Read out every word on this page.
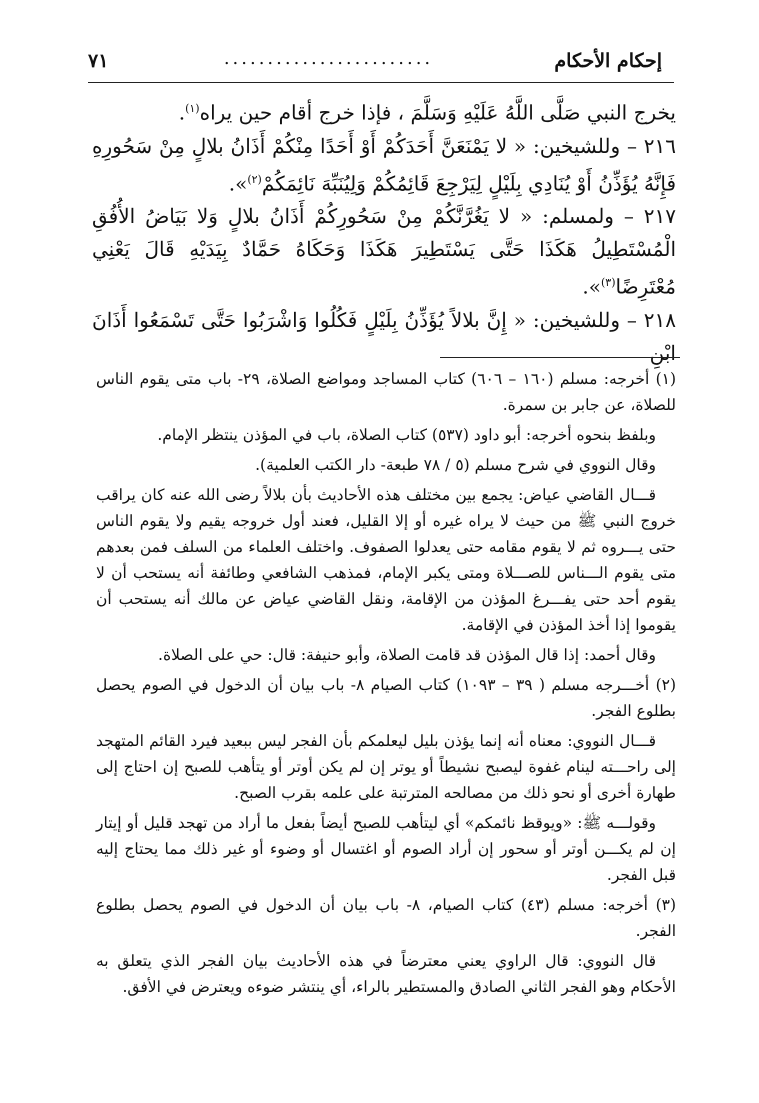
إحكام الأحكام
........................
٧١

يخرج النبي صَلَّى اللَّهُ عَلَيْهِ وَسَلَّمَ ، فإذا خرج أقام حين يراه$^{(١)}$.

٢١٦ – وللشيخين: « لا يَمْنَعَنَّ أَحَدَكُمْ أَوْ أَحَدًا مِنْكُمْ أَذَانُ بلالٍ مِنْ سَحُورِهِ فَإِنَّهُ يُؤَذِّنُ أَوْ يُنَادِي بِلَيْلٍ لِيَرْجِعَ قَائِمُكُمْ وَلِيُنَبِّهَ نَائِمَكُمْ$^{(٢)}$».

٢١٧ – ولمسلم: « لا يَغُرَّنَّكُمْ مِنْ سَحُورِكُمْ أَذَانُ بلالٍ وَلا بَيَاضُ الأُفُقِ الْمُسْتَطِيلُ هَكَذَا حَتَّى يَسْتَطِيرَ هَكَذَا وَحَكَاهُ حَمَّادٌ بِيَدَيْهِ قَالَ يَعْنِي مُعْتَرِضًا$^{(٣)}$».

٢١٨ – وللشيخين: « إِنَّ بلالاً يُؤَذِّنُ بِلَيْلٍ فَكُلُوا وَاشْرَبُوا حَتَّى تَسْمَعُوا أَذَانَ ابْنِ

(١) أخرجه: مسلم (١٦٠ – ٦٠٦) كتاب المساجد ومواضع الصلاة، ٢٩- باب متى يقوم الناس للصلاة، عن جابر بن سمرة.

وبلفظ بنحوه أخرجه: أبو داود (٥٣٧) كتاب الصلاة، باب في المؤذن ينتظر الإمام.

وقال النووي في شرح مسلم (٥ / ٧٨ طبعة- دار الكتب العلمية).

قـــال القاضي عياض: يجمع بين مختلف هذه الأحاديث بأن بلالاً رضى الله عنه كان يراقب خروج النبي ﷺ من حيث لا يراه غيره أو إلا القليل، فعند أول خروجه يقيم ولا يقوم الناس حتى يـــروه ثم لا يقوم مقامه حتى يعدلوا الصفوف. واختلف العلماء من السلف فمن بعدهم متى يقوم الـــناس للصـــلاة ومتى يكبر الإمام، فمذهب الشافعي وطائفة أنه يستحب أن لا يقوم أحد حتى يفـــرغ المؤذن من الإقامة، ونقل القاضي عياض عن مالك أنه يستحب أن يقوموا إذا أخذ المؤذن في الإقامة.

وقال أحمد: إذا قال المؤذن قد قامت الصلاة، وأبو حنيفة: قال: حي على الصلاة.

(٢) أخـــرجه مسلم ( ٣٩ – ١٠٩٣) كتاب الصيام ٨- باب بيان أن الدخول في الصوم يحصل بطلوع الفجر.

قـــال النووي: معناه أنه إنما يؤذن بليل ليعلمكم بأن الفجر ليس ببعيد فيرد القائم المتهجد إلى راحـــته لينام غفوة ليصبح نشيطاً أو يوتر إن لم يكن أوتر أو يتأهب للصبح إن احتاج إلى طهارة أخرى أو نحو ذلك من مصالحه المترتبة على علمه بقرب الصبح.

وقولـــه ﷺ: «ويوقظ نائمكم» أي ليتأهب للصبح أيضاً بفعل ما أراد من تهجد قليل أو إيتار إن لم يكـــن أوتر أو سحور إن أراد الصوم أو اغتسال أو وضوء أو غير ذلك مما يحتاج إليه قبل الفجر.

(٣) أخرجه: مسلم (٤٣) كتاب الصيام، ٨- باب بيان أن الدخول في الصوم يحصل بطلوع الفجر.

قال النووي: قال الراوي يعني معترضاً في هذه الأحاديث بيان الفجر الذي يتعلق به الأحكام وهو الفجر الثاني الصادق والمستطير بالراء، أي ينتشر ضوءه ويعترض في الأفق.
